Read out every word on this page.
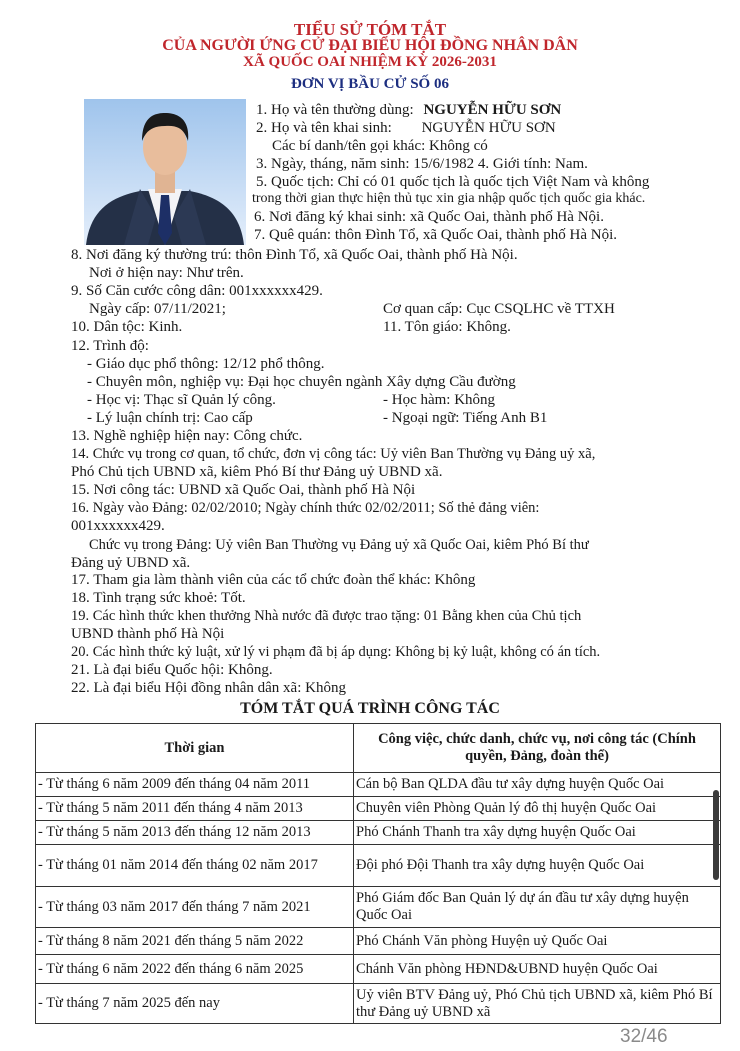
TIỂU SỬ TÓM TẮT
CỦA NGƯỜI ỨNG CỬ ĐẠI BIỂU HỘI ĐỒNG NHÂN DÂN
XÃ QUỐC OAI NHIỆM KỲ 2026-2031
ĐƠN VỊ BẦU CỬ SỐ 06
1. Họ và tên thường dùng: NGUYỄN HỮU SƠN
2. Họ và tên khai sinh: NGUYỄN HỮU SƠN
Các bí danh/tên gọi khác: Không có
3. Ngày, tháng, năm sinh: 15/6/1982 4. Giới tính: Nam.
5. Quốc tịch: Chỉ có 01 quốc tịch là quốc tịch Việt Nam và không
trong thời gian thực hiện thủ tục xin gia nhập quốc tịch quốc gia khác.
6. Nơi đăng ký khai sinh: xã Quốc Oai, thành phố Hà Nội.
7. Quê quán: thôn Đình Tổ, xã Quốc Oai, thành phố Hà Nội.
8. Nơi đăng ký thường trú: thôn Đình Tổ, xã Quốc Oai, thành phố Hà Nội.
Nơi ở hiện nay: Như trên.
9. Số Căn cước công dân: 001xxxxxx429.
Ngày cấp: 07/11/2021;	Cơ quan cấp: Cục CSQLHC về TTXH
10. Dân tộc: Kinh.	11. Tôn giáo: Không.
12. Trình độ:
- Giáo dục phổ thông: 12/12 phổ thông.
- Chuyên môn, nghiệp vụ: Đại học chuyên ngành Xây dựng Cầu đường
- Học vị: Thạc sĩ Quản lý công.	- Học hàm: Không
- Lý luận chính trị: Cao cấp	- Ngoại ngữ: Tiếng Anh B1
13. Nghề nghiệp hiện nay: Công chức.
14. Chức vụ trong cơ quan, tổ chức, đơn vị công tác: Uỷ viên Ban Thường vụ Đảng uỷ xã,
Phó Chủ tịch UBND xã, kiêm Phó Bí thư Đảng uỷ UBND xã.
15. Nơi công tác: UBND xã Quốc Oai, thành phố Hà Nội
16. Ngày vào Đảng: 02/02/2010; Ngày chính thức 02/02/2011; Số thẻ đảng viên:
001xxxxxx429.
Chức vụ trong Đảng: Uỷ viên Ban Thường vụ Đảng uỷ xã Quốc Oai, kiêm Phó Bí thư
Đảng uỷ UBND xã.
17. Tham gia làm thành viên của các tổ chức đoàn thể khác: Không
18. Tình trạng sức khoẻ: Tốt.
19. Các hình thức khen thưởng Nhà nước đã được trao tặng: 01 Bằng khen của Chủ tịch
UBND thành phố Hà Nội
20. Các hình thức kỷ luật, xử lý vi phạm đã bị áp dụng: Không bị kỷ luật, không có án tích.
21. Là đại biểu Quốc hội: Không.
22. Là đại biểu Hội đồng nhân dân xã: Không
TÓM TẮT QUÁ TRÌNH CÔNG TÁC
Thời gian	Công việc, chức danh, chức vụ, nơi công tác (Chính
quyền, Đảng, đoàn thể)

- Từ tháng 6 năm 2009 đến tháng 04 năm 2011	Cán bộ Ban QLDA đầu tư xây dựng huyện Quốc Oai
- Từ tháng 5 năm 2011 đến tháng 4 năm 2013	Chuyên viên Phòng Quản lý đô thị huyện Quốc Oai
- Từ tháng 5 năm 2013 đến tháng 12 năm 2013	Phó Chánh Thanh tra xây dựng huyện Quốc Oai
- Từ tháng 01 năm 2014 đến tháng 02 năm 2017	Đội phó Đội Thanh tra xây dựng huyện Quốc Oai
- Từ tháng 03 năm 2017 đến tháng 7 năm 2021	Phó Giám đốc Ban Quản lý dự án đầu tư xây dựng huyện Quốc Oai
- Từ tháng 8 năm 2021 đến tháng 5 năm 2022	Phó Chánh Văn phòng Huyện uỷ Quốc Oai
- Từ tháng 6 năm 2022 đến tháng 6 năm 2025	Chánh Văn phòng HĐND&UBND huyện Quốc Oai
- Từ tháng 7 năm 2025 đến nay	Uỷ viên BTV Đảng uỷ, Phó Chủ tịch UBND xã, kiêm Phó Bí thư Đảng uỷ UBND xã
32/46
